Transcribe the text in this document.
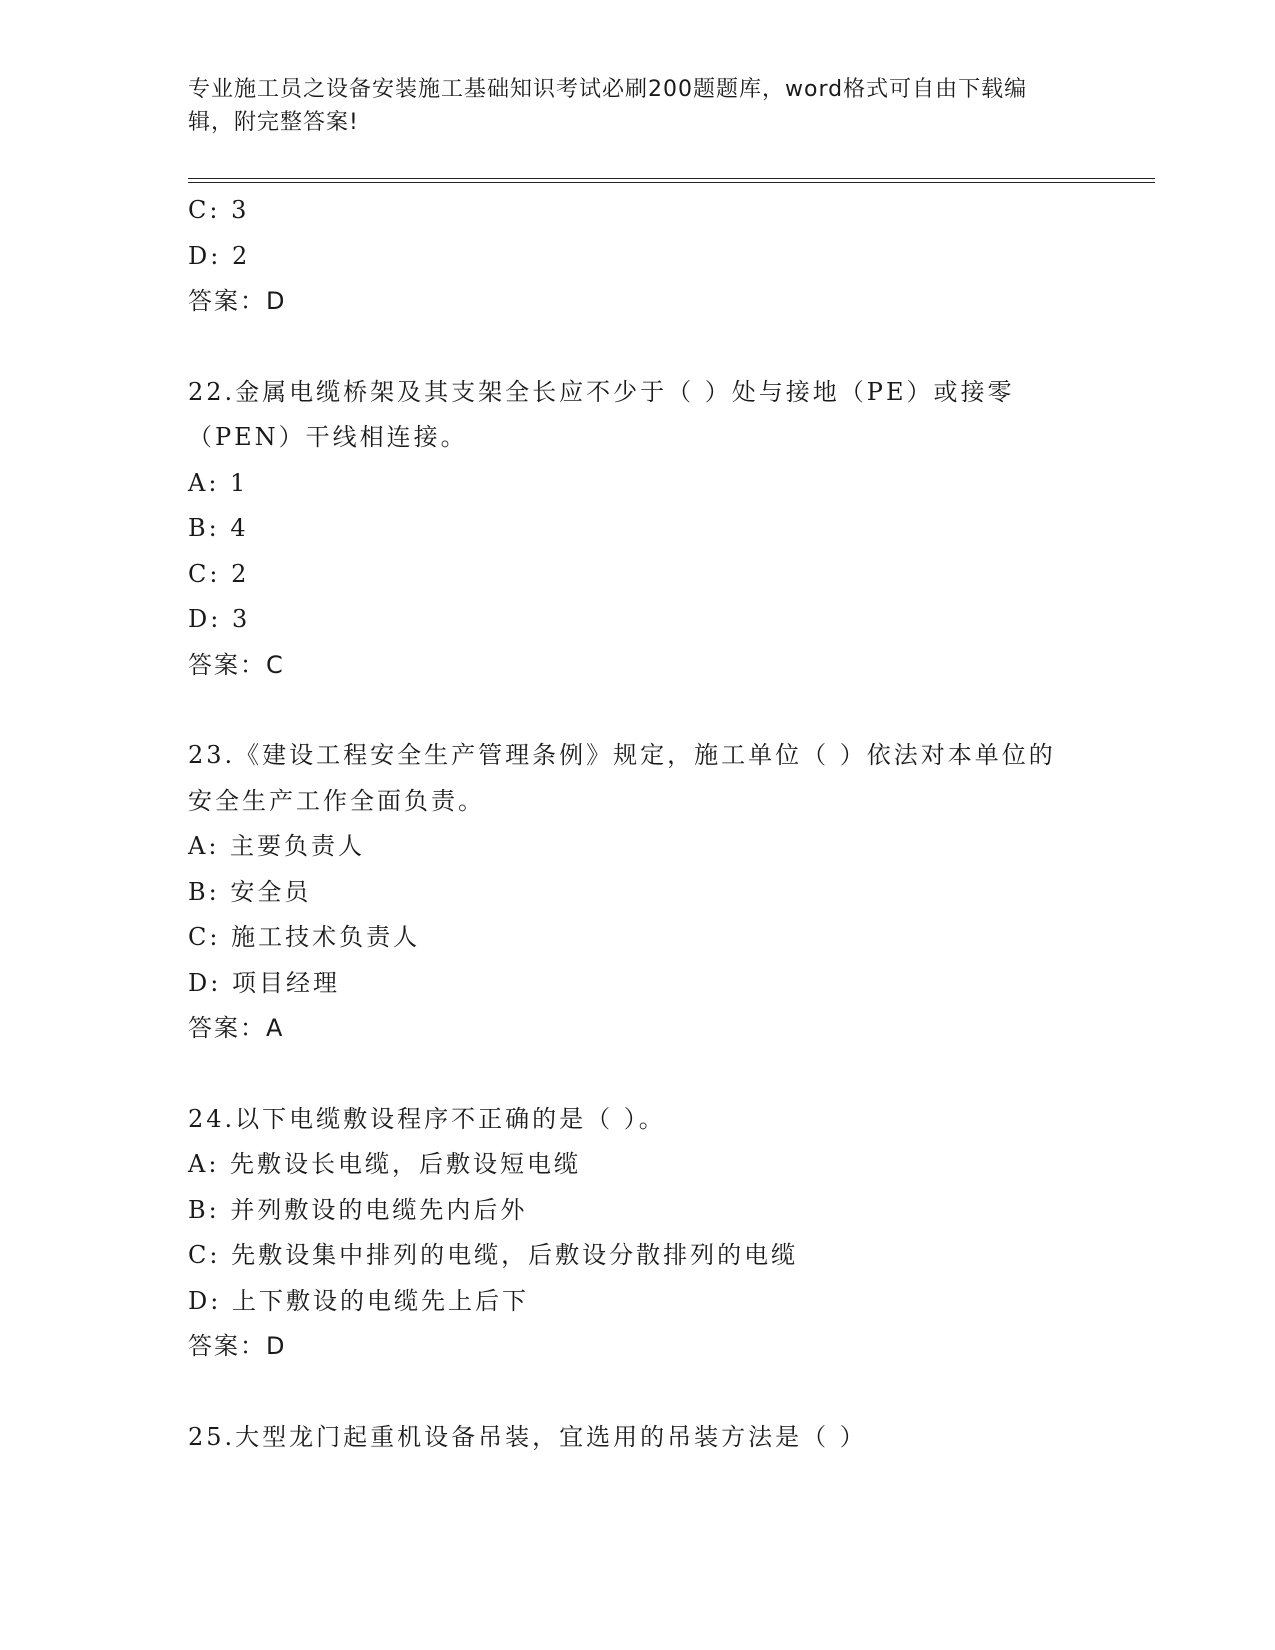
专业施工员之设备安装施工基础知识考试必刷200题题库，word格式可自由下载编辑，附完整答案!
C: 3
D: 2
答案：D
22.金属电缆桥架及其支架全长应不少于（ ）处与接地（PE）或接零（PEN）干线相连接。
A: 1
B: 4
C: 2
D: 3
答案：C
23.《建设工程安全生产管理条例》规定，施工单位（ ）依法对本单位的安全生产工作全面负责。
A: 主要负责人
B: 安全员
C: 施工技术负责人
D: 项目经理
答案：A
24.以下电缆敷设程序不正确的是（ ）。
A: 先敷设长电缆，后敷设短电缆
B: 并列敷设的电缆先内后外
C: 先敷设集中排列的电缆，后敷设分散排列的电缆
D: 上下敷设的电缆先上后下
答案：D
25.大型龙门起重机设备吊装，宜选用的吊装方法是（ ）
